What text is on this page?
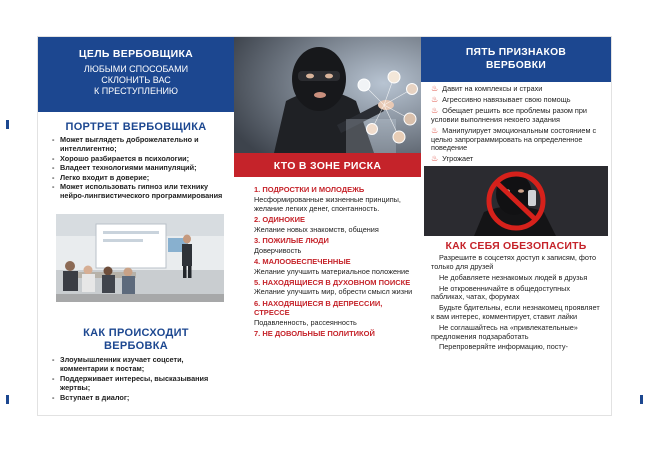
ЦЕЛЬ ВЕРБОВЩИКА
ЛЮБЫМИ СПОСОБАМИ
СКЛОНИТЬ ВАС
К ПРЕСТУПЛЕНИЮ
ПОРТРЕТ ВЕРБОВЩИКА
- Может выглядеть доброжелательно и интеллигентно;
- Хорошо разбирается в психологии;
- Владеет технологиями манипуляций;
- Легко входит в доверие;
- Может использовать гипноз или технику нейро-лингвистического программирования
КАК ПРОИСХОДИТ
ВЕРБОВКА
- Злоумышленник изучает соцсети, комментарии к постам;
- Поддерживает интересы, высказывания жертвы;
- Вступает в диалог;
КТО В ЗОНЕ РИСКА
1. ПОДРОСТКИ И МОЛОДЕЖЬ
Несформированные жизненные принципы, желание легких денег, спонтанность.
2. ОДИНОКИЕ
Желание новых знакомств, общения
3. ПОЖИЛЫЕ ЛЮДИ
Доверчивость
4. МАЛООБЕСПЕЧЕННЫЕ
Желание улучшить материальное положение
5. НАХОДЯЩИЕСЯ В ДУХОВНОМ ПОИСКЕ
Желание улучшить мир, обрести смысл жизни
6. НАХОДЯЩИЕСЯ В ДЕПРЕССИИ, СТРЕССЕ
Подавленность, рассеянность
7. НЕ ДОВОЛЬНЫЕ ПОЛИТИКОЙ
ПЯТЬ ПРИЗНАКОВ
ВЕРБОВКИ
♨ Давит на комплексы и страхи
♨ Агрессивно навязывает свою помощь
♨ Обещает решить все проблемы разом при условии выполнения некоего задания
♨ Манипулирует эмоциональным состоянием с целью запрограммировать на определенное поведение
♨ Угрожает
КАК СЕБЯ ОБЕЗОПАСИТЬ
Разрешите в соцсетях доступ к записям, фото только для друзей
Не добавляете незнакомых людей в друзья
Не откровенничайте в общедоступных пабликах, чатах, форумах
Будьте бдительны, если незнакомец проявляет к вам интерес, комментирует, ставит лайки
Не соглашайтесь на «привлекательные» предложения подзаработать
Перепроверяйте информацию, посту-
